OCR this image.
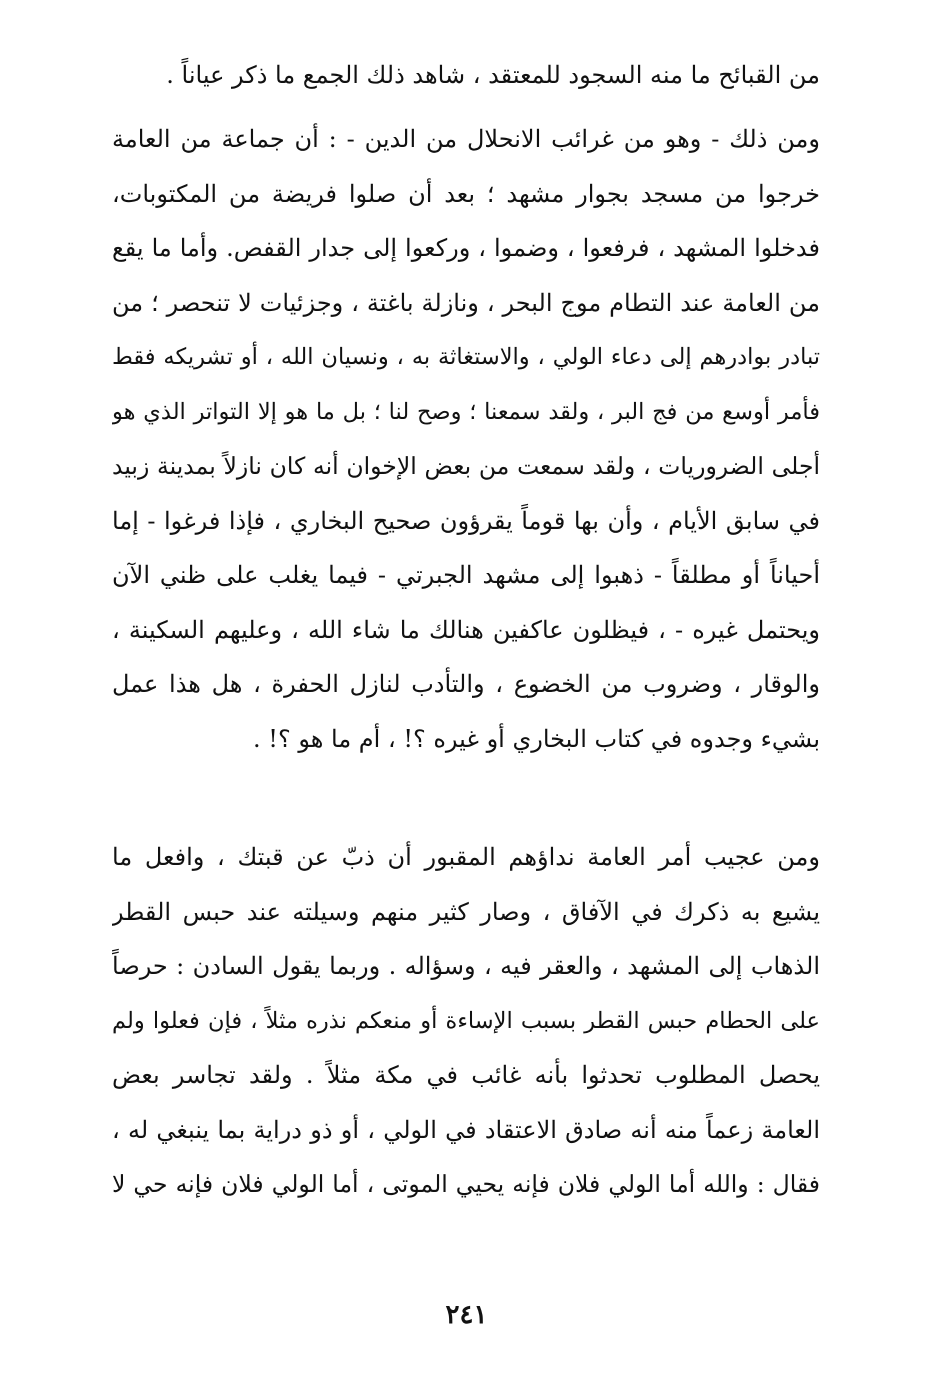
من القبائح ما منه السجود للمعتقد ، شاهد ذلك الجمع ما ذكر عياناً .
ومن ذلك - وهو من غرائب الانحلال من الدين - : أن جماعة من العامة
خرجوا من مسجد بجوار مشهد ؛ بعد أن صلوا فريضة من المكتوبات،
فدخلوا المشهد ، فرفعوا ، وضموا ، وركعوا إلى جدار القفص. وأما ما يقع
من العامة عند التطام موج البحر ، ونازلة باغتة ، وجزئيات لا تنحصر ؛ من
تبادر بوادرهم إلى دعاء الولي ، والاستغاثة به ، ونسيان الله ، أو تشريكه فقط
فأمر أوسع من فج البر ، ولقد سمعنا ؛ وصح لنا ؛ بل ما هو إلا التواتر الذي هو
أجلى الضروريات ، ولقد سمعت من بعض الإخوان أنه كان نازلاً بمدينة زبيد
في سابق الأيام ، وأن بها قوماً يقرؤون صحيح البخاري ، فإذا فرغوا - إما
أحياناً أو مطلقاً - ذهبوا إلى مشهد الجبرتي - فيما يغلب على ظني الآن
ويحتمل غيره - ، فيظلون عاكفين هنالك ما شاء الله ، وعليهم السكينة ،
والوقار ، وضروب من الخضوع ، والتأدب لنازل الحفرة ، هل هذا عمل
بشيء وجدوه في كتاب البخاري أو غيره ؟! ، أم ما هو ؟! .
ومن عجيب أمر العامة نداؤهم المقبور أن ذبّ عن قبتك ، وافعل ما
يشيع به ذكرك في الآفاق ، وصار كثير منهم وسيلته عند حبس القطر
الذهاب إلى المشهد ، والعقر فيه ، وسؤاله . وربما يقول السادن : حرصاً
على الحطام حبس القطر بسبب الإساءة أو منعكم نذره مثلاً ، فإن فعلوا ولم
يحصل المطلوب تحدثوا بأنه غائب في مكة مثلاً . ولقد تجاسر بعض
العامة زعماً منه أنه صادق الاعتقاد في الولي ، أو ذو دراية بما ينبغي له ،
فقال : والله أما الولي فلان فإنه يحيي الموتى ، أما الولي فلان فإنه حي لا
٢٤١
